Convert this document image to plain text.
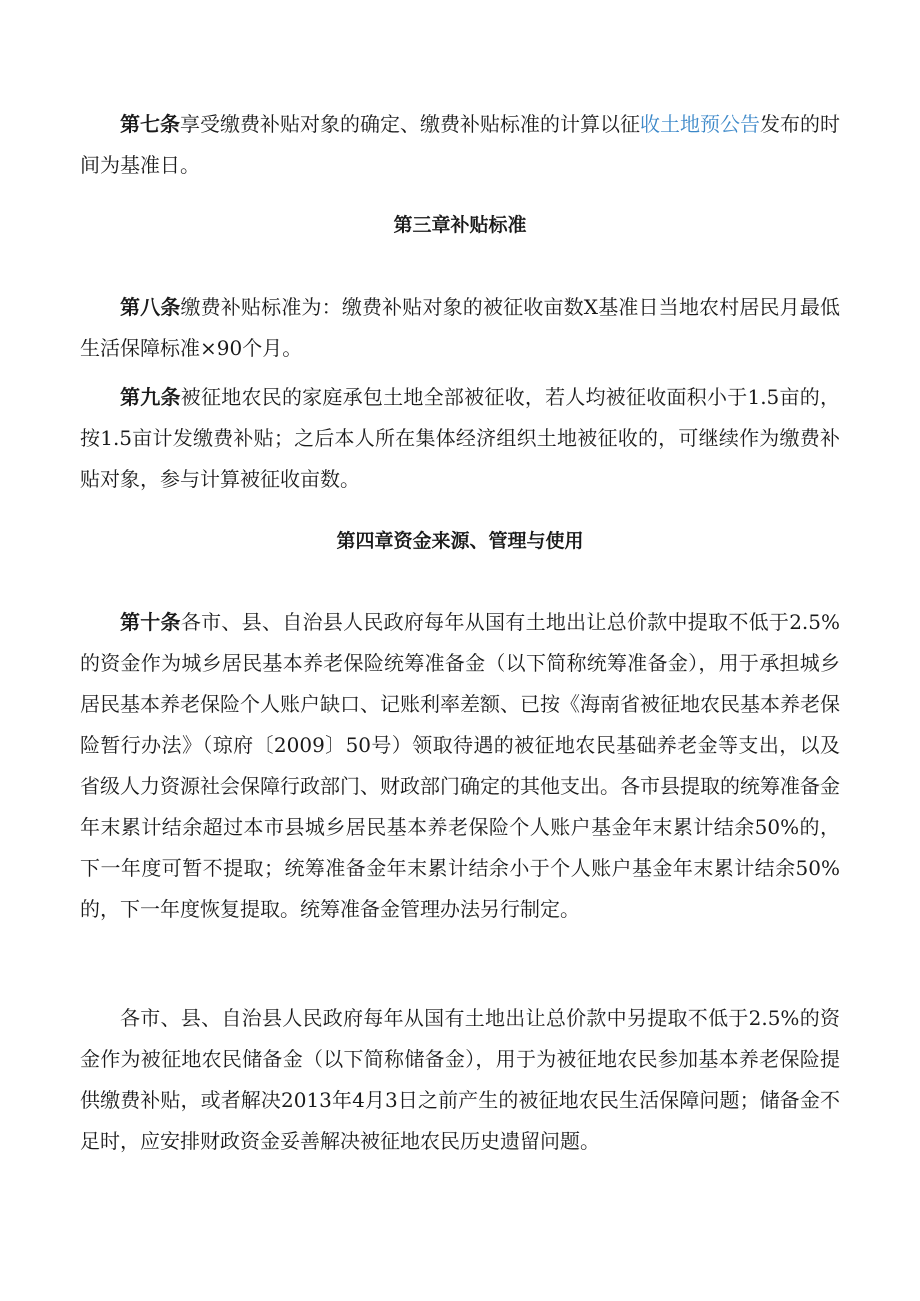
第七条享受缴费补贴对象的确定、缴费补贴标准的计算以征收土地预公告发布的时间为基准日。

第三章补贴标准

第八条缴费补贴标准为：缴费补贴对象的被征收亩数X基准日当地农村居民月最低生活保障标准×90个月。

第九条被征地农民的家庭承包土地全部被征收，若人均被征收面积小于1.5亩的，按1.5亩计发缴费补贴；之后本人所在集体经济组织土地被征收的，可继续作为缴费补贴对象，参与计算被征收亩数。

第四章资金来源、管理与使用

第十条各市、县、自治县人民政府每年从国有土地出让总价款中提取不低于2.5%的资金作为城乡居民基本养老保险统筹准备金（以下简称统筹准备金），用于承担城乡居民基本养老保险个人账户缺口、记账利率差额、已按《海南省被征地农民基本养老保险暂行办法》（琼府〔2009〕50号）领取待遇的被征地农民基础养老金等支出，以及省级人力资源社会保障行政部门、财政部门确定的其他支出。各市县提取的统筹准备金年末累计结余超过本市县城乡居民基本养老保险个人账户基金年末累计结余50%的，下一年度可暂不提取；统筹准备金年末累计结余小于个人账户基金年末累计结余50%的，下一年度恢复提取。统筹准备金管理办法另行制定。

各市、县、自治县人民政府每年从国有土地出让总价款中另提取不低于2.5%的资金作为被征地农民储备金（以下简称储备金），用于为被征地农民参加基本养老保险提供缴费补贴，或者解决2013年4月3日之前产生的被征地农民生活保障问题；储备金不足时，应安排财政资金妥善解决被征地农民历史遗留问题。
